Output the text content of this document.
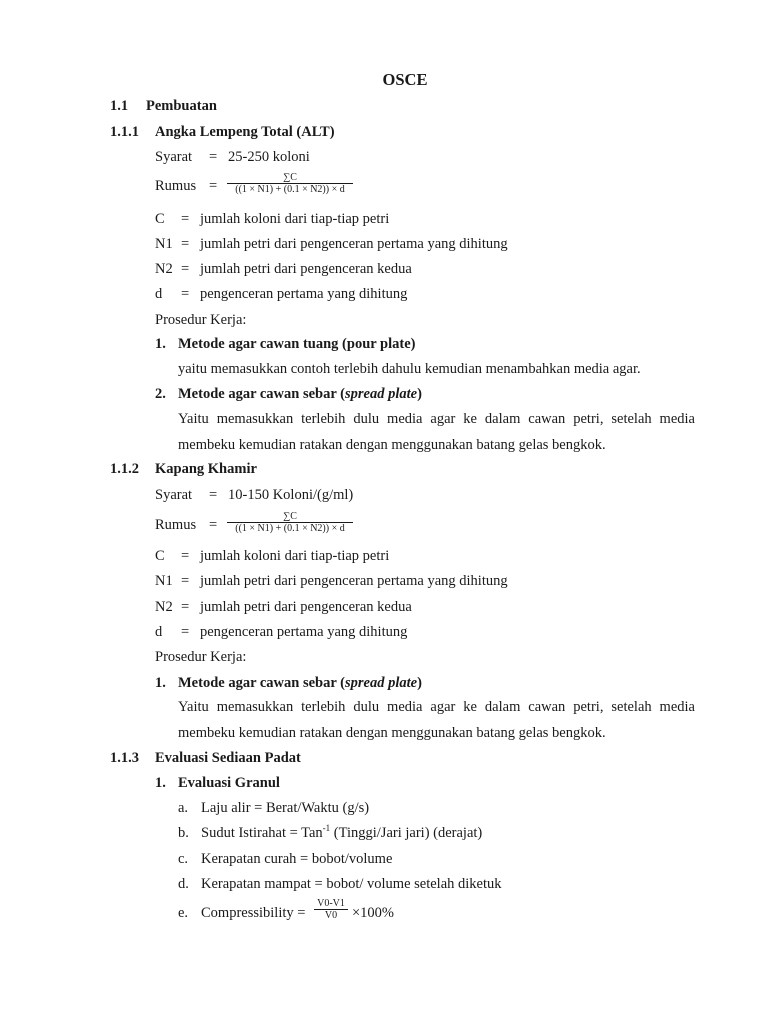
OSCE
1.1 Pembuatan
1.1.1 Angka Lempeng Total (ALT)
Syarat = 25-250 koloni
Rumus =
∑C
((1 × N1) + (0.1 × N2)) × d
C = jumlah koloni dari tiap-tiap petri
N1 = jumlah petri dari pengenceran pertama yang dihitung
N2 = jumlah petri dari pengenceran kedua
d = pengenceran pertama yang dihitung
Prosedur Kerja:
1. Metode agar cawan tuang (pour plate)
yaitu memasukkan contoh terlebih dahulu kemudian menambahkan media agar.
2. Metode agar cawan sebar (spread plate)
Yaitu memasukkan terlebih dulu media agar ke dalam cawan petri, setelah media
membeku kemudian ratakan dengan menggunakan batang gelas bengkok.
1.1.2 Kapang Khamir
Syarat = 10-150 Koloni/(g/ml)
Rumus =
∑C
((1 × N1) + (0.1 × N2)) × d
C = jumlah koloni dari tiap-tiap petri
N1 = jumlah petri dari pengenceran pertama yang dihitung
N2 = jumlah petri dari pengenceran kedua
d = pengenceran pertama yang dihitung
Prosedur Kerja:
1. Metode agar cawan sebar (spread plate)
Yaitu memasukkan terlebih dulu media agar ke dalam cawan petri, setelah media
membeku kemudian ratakan dengan menggunakan batang gelas bengkok.
1.1.3 Evaluasi Sediaan Padat
1. Evaluasi Granul
a. Laju alir = Berat/Waktu (g/s)
b. Sudut Istirahat = Tan$^{-1}$ (Tinggi/Jari jari) (derajat)
c. Kerapatan curah = bobot/volume
d. Kerapatan mampat = bobot/ volume setelah diketuk
e. Compressibility =
V0-V1
V0	×100%
